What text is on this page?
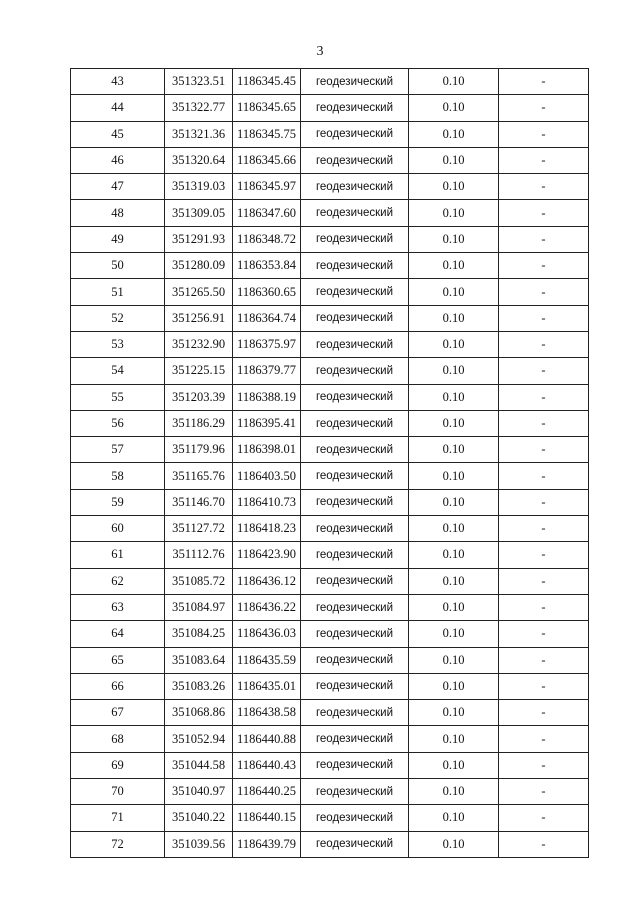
3
43	351323.51	1186345.45	геодезический	0.10	-
44	351322.77	1186345.65	геодезический	0.10	-
45	351321.36	1186345.75	геодезический	0.10	-
46	351320.64	1186345.66	геодезический	0.10	-
47	351319.03	1186345.97	геодезический	0.10	-
48	351309.05	1186347.60	геодезический	0.10	-
49	351291.93	1186348.72	геодезический	0.10	-
50	351280.09	1186353.84	геодезический	0.10	-
51	351265.50	1186360.65	геодезический	0.10	-
52	351256.91	1186364.74	геодезический	0.10	-
53	351232.90	1186375.97	геодезический	0.10	-
54	351225.15	1186379.77	геодезический	0.10	-
55	351203.39	1186388.19	геодезический	0.10	-
56	351186.29	1186395.41	геодезический	0.10	-
57	351179.96	1186398.01	геодезический	0.10	-
58	351165.76	1186403.50	геодезический	0.10	-
59	351146.70	1186410.73	геодезический	0.10	-
60	351127.72	1186418.23	геодезический	0.10	-
61	351112.76	1186423.90	геодезический	0.10	-
62	351085.72	1186436.12	геодезический	0.10	-
63	351084.97	1186436.22	геодезический	0.10	-
64	351084.25	1186436.03	геодезический	0.10	-
65	351083.64	1186435.59	геодезический	0.10	-
66	351083.26	1186435.01	геодезический	0.10	-
67	351068.86	1186438.58	геодезический	0.10	-
68	351052.94	1186440.88	геодезический	0.10	-
69	351044.58	1186440.43	геодезический	0.10	-
70	351040.97	1186440.25	геодезический	0.10	-
71	351040.22	1186440.15	геодезический	0.10	-
72	351039.56	1186439.79	геодезический	0.10	-
